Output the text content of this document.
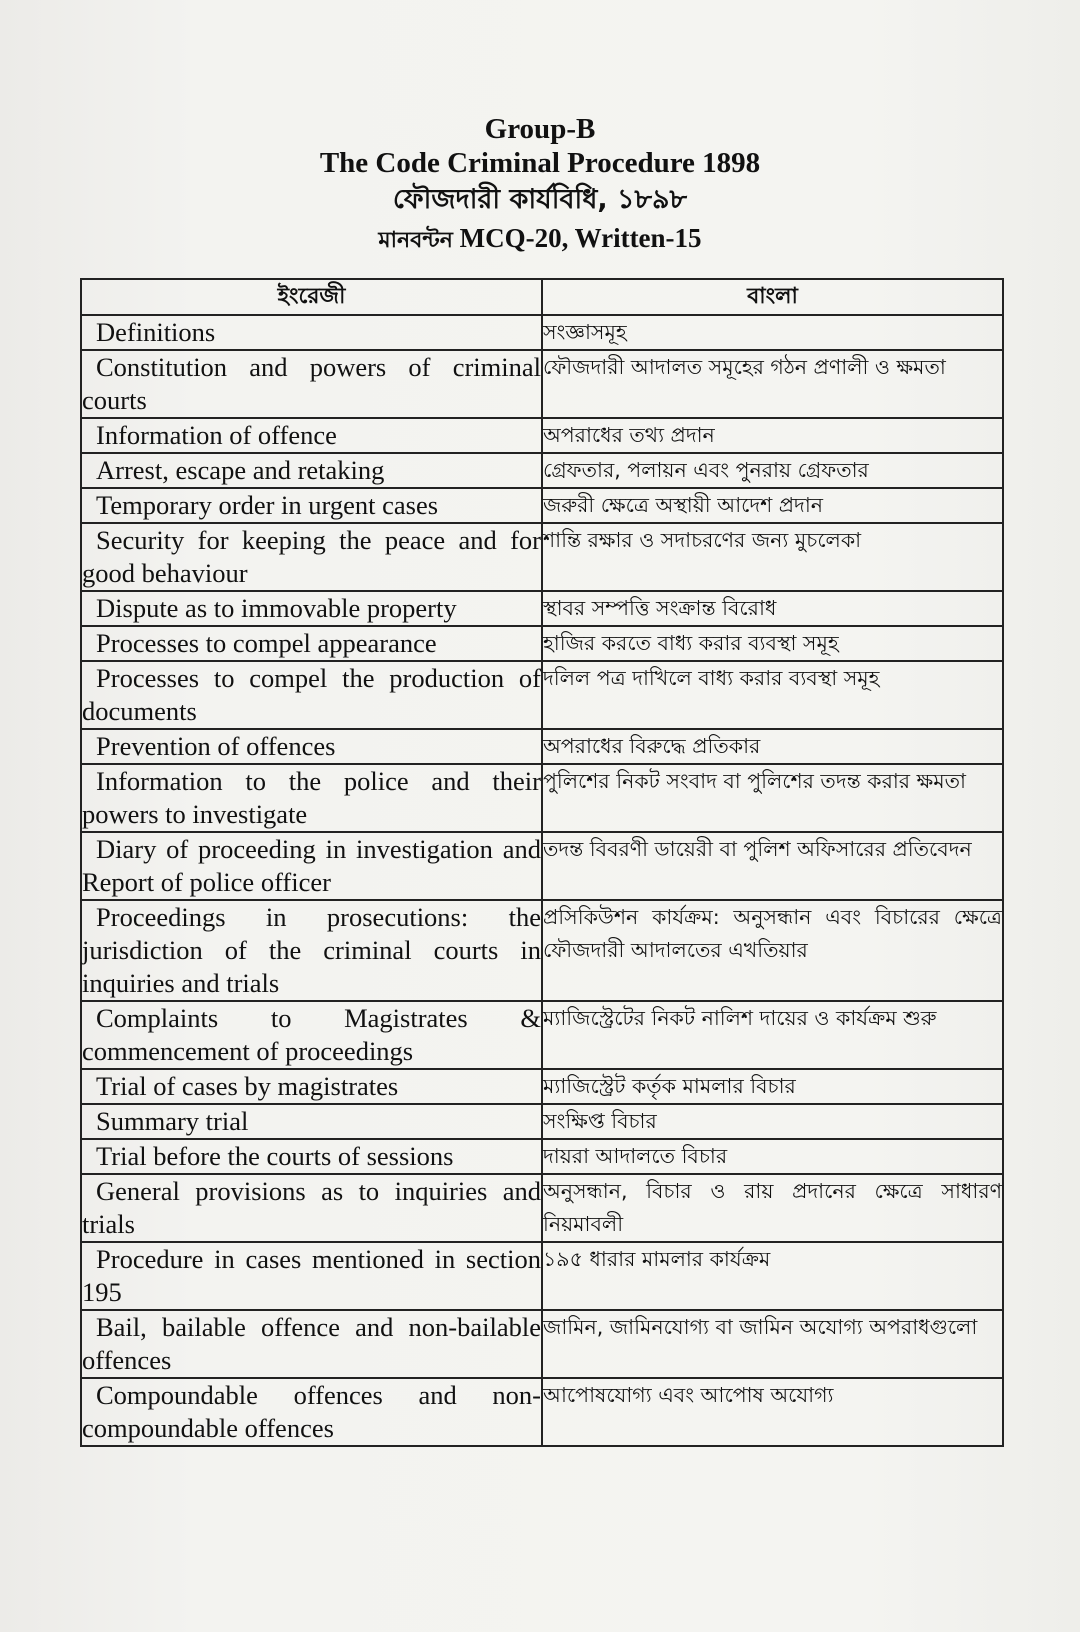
Group-B
The Code Criminal Procedure 1898
ফৌজদারী কার্যবিধি, ১৮৯৮
মানবন্টন MCQ-20, Written-15
ইংরেজী	বাংলা

Definitions	সংজ্ঞাসমূহ

Constitution and powers of criminal courts	ফৌজদারী আদালত সমূহের গঠন প্রণালী ও ক্ষমতা

Information of offence	অপরাধের তথ্য প্রদান

Arrest, escape and retaking	গ্রেফতার, পলায়ন এবং পুনরায় গ্রেফতার

Temporary order in urgent cases	জরুরী ক্ষেত্রে অস্থায়ী আদেশ প্রদান

Security for keeping the peace and for good behaviour	শান্তি রক্ষার ও সদাচরণের জন্য মুচলেকা

Dispute as to immovable property	স্থাবর সম্পত্তি সংক্রান্ত বিরোধ

Processes to compel appearance	হাজির করতে বাধ্য করার ব্যবস্থা সমূহ

Processes to compel the production of documents	দলিল পত্র দাখিলে বাধ্য করার ব্যবস্থা সমূহ

Prevention of offences	অপরাধের বিরুদ্ধে প্রতিকার

Information to the police and their powers to investigate	পুলিশের নিকট সংবাদ বা পুলিশের তদন্ত করার ক্ষমতা

Diary of proceeding in investigation and Report of police officer	তদন্ত বিবরণী ডায়েরী বা পুলিশ অফিসারের প্রতিবেদন

Proceedings in prosecutions: the jurisdiction of the criminal courts in inquiries and trials	প্রসিকিউশন কার্যক্রম: অনুসন্ধান এবং বিচারের ক্ষেত্রে ফৌজদারী আদালতের এখতিয়ার

Complaints to Magistrates & commencement of proceedings	ম্যাজিস্ট্রেটের নিকট নালিশ দায়ের ও কার্যক্রম শুরু

Trial of cases by magistrates	ম্যাজিস্ট্রেট কর্তৃক মামলার বিচার

Summary trial	সংক্ষিপ্ত বিচার

Trial before the courts of sessions	দায়রা আদালতে বিচার

General provisions as to inquiries and trials	অনুসন্ধান, বিচার ও রায় প্রদানের ক্ষেত্রে সাধারণ নিয়মাবলী

Procedure in cases mentioned in section 195	১৯৫ ধারার মামলার কার্যক্রম

Bail, bailable offence and non-bailable offences	জামিন, জামিনযোগ্য বা জামিন অযোগ্য অপরাধগুলো

Compoundable offences and non-compoundable offences	আপোষযোগ্য এবং আপোষ অযোগ্য
